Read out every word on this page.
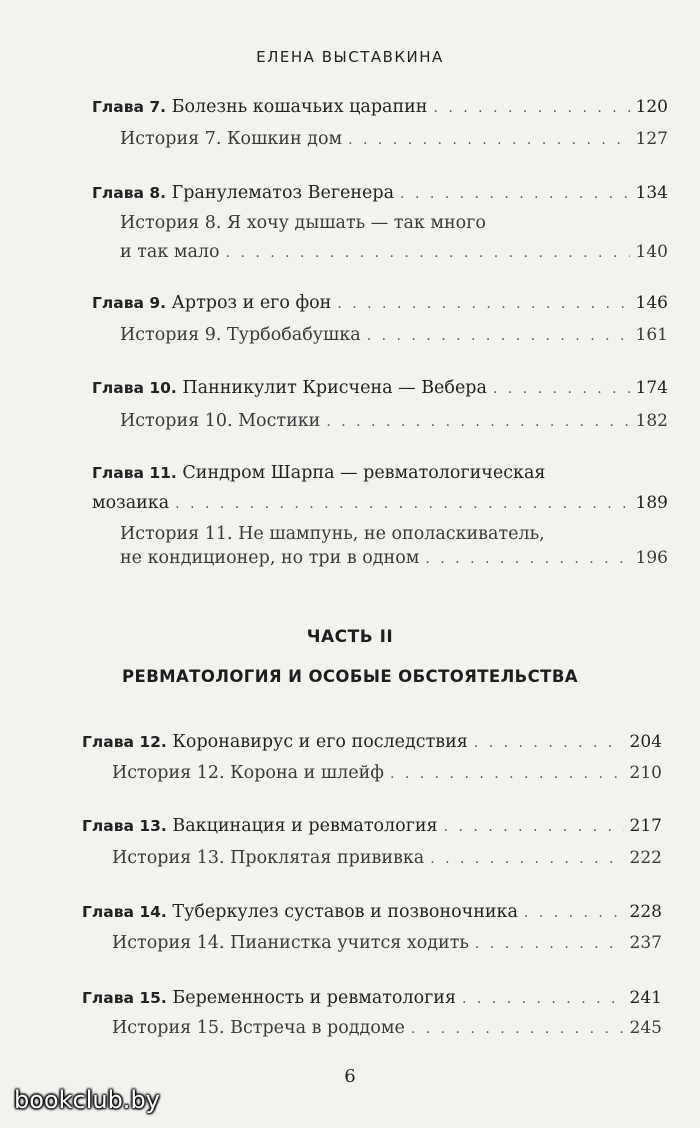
ЕЛЕНА ВЫСТАВКИНА
Глава 7. Болезнь кошачьих царапин . . .	120
История 7. Кошкин дом . . .	127
Глава 8. Гранулематоз Вегенера . . .	134
История 8. Я хочу дышать — так много
и так мало . . .	140
Глава 9. Артроз и его фон . . .	146
История 9. Турбобабушка . . .	161
Глава 10. Панникулит Крисчена — Вебера . . .	174
История 10. Мостики . . .	182
Глава 11. Синдром Шарпа — ревматологическая
мозаика . . .	189
История 11. Не шампунь, не ополаскиватель,
не кондиционер, но три в одном . . .	196
ЧАСТЬ II
РЕВМАТОЛОГИЯ И ОСОБЫЕ ОБСТОЯТЕЛЬСТВА
Глава 12. Коронавирус и его последствия . . .	204
История 12. Корона и шлейф . . .	210
Глава 13. Вакцинация и ревматология . . .	217
История 13. Проклятая прививка . . .	222
Глава 14. Туберкулез суставов и позвоночника . . .	228
История 14. Пианистка учится ходить . . .	237
Глава 15. Беременность и ревматология . . .	241
История 15. Встреча в роддоме . . .	245
6
bookclub.by
